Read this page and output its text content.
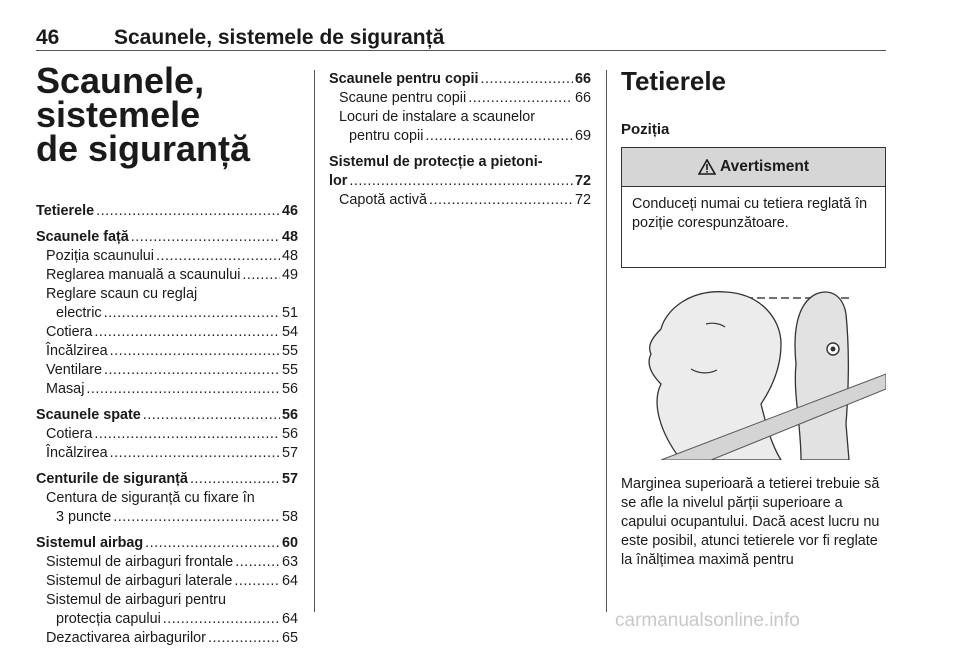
46	Scaunele, sistemele de siguranță
Scaunele, sistemele
de siguranță
Tetierele .....	46
Scaunele față .....	48
Poziția scaunului .....	48
Reglarea manuală a scaunului .....	49
Reglare scaun cu reglaj
electric .....	51
Cotiera .....	54
Încălzirea .....	55
Ventilare .....	55
Masaj .....	56
Scaunele spate .....	56
Cotiera .....	56
Încălzirea .....	57
Centurile de siguranță .....	57
Centura de siguranță cu fixare în
3 puncte .....	58
Sistemul airbag .....	60
Sistemul de airbaguri frontale .....	63
Sistemul de airbaguri laterale .....	64
Sistemul de airbaguri pentru
protecția capului .....	64
Dezactivarea airbagurilor .....	65
Scaunele pentru copii .....	66
Scaune pentru copii .....	66
Locuri de instalare a scaunelor
pentru copii .....	69
Sistemul de protecție a pietoni-
lor .....	72
Capotă activă .....	72
Tetierele
Poziția
Avertisment
Conduceți numai cu tetiera reglată în poziție corespunzătoare.
Marginea superioară a tetierei trebuie să se afle la nivelul părții superioare a capului ocupantului. Dacă acest lucru nu este posibil, atunci tetierele vor fi reglate la înălțimea maximă pentru
carmanualsonline.info
